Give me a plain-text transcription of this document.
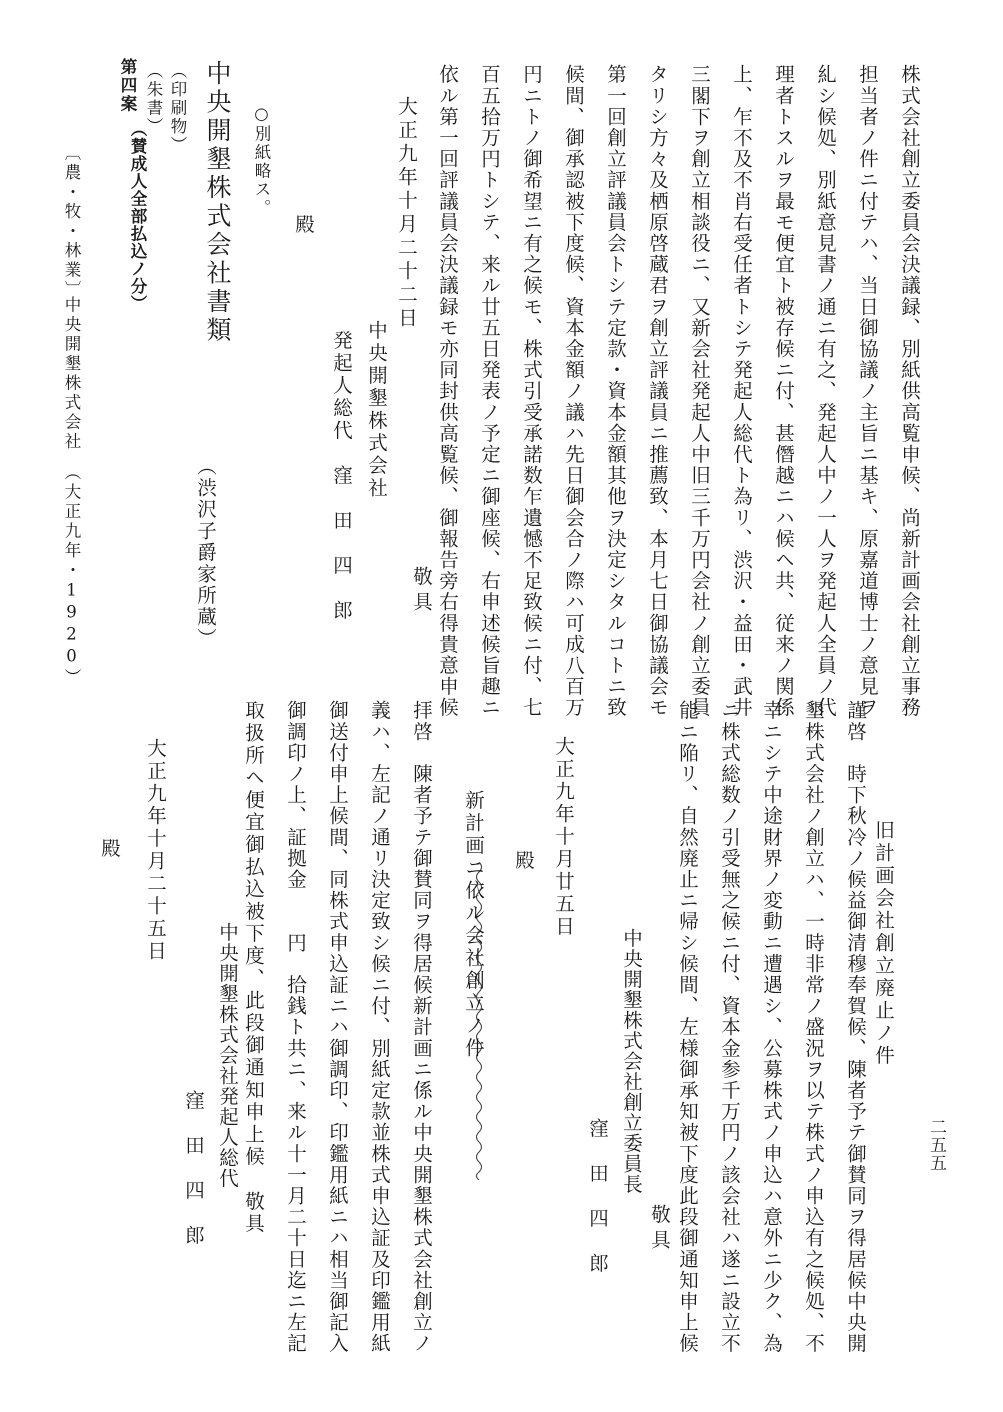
株式会社創立委員会決議録、別紙供高覧申候、尚新計画会社創立事務
担当者ノ件ニ付テハ、当日御協議ノ主旨ニ基キ、原嘉道博士ノ意見ヲ
糺シ候処、別紙意見書ノ通ニ有之、発起人中ノ一人ヲ発起人全員ノ代
理者トスルヲ最モ便宜ト被存候ニ付、甚僭越ニハ候ヘ共、従来ノ関係
上、乍不及不肖右受任者トシテ発起人総代ト為リ、渋沢・益田・武井
三閣下ヲ創立相談役ニ、又新会社発起人中旧三千万円会社ノ創立委員
タリシ方々及栖原啓蔵君ヲ創立評議員ニ推薦致、本月七日御協議会モ
第一回創立評議員会トシテ定款・資本金額其他ヲ決定シタルコトニ致
候間、御承認被下度候、資本金額ノ議ハ先日御会合ノ際ハ可成八百万
円ニトノ御希望ニ有之候モ、株式引受承諾数乍遺憾不足致候ニ付、七
百五拾万円トシテ、来ル廿五日発表ノ予定ニ御座候、右申述候旨趣ニ
依ル第一回評議員会決議録モ亦同封供高覧候、御報告旁右得貴意申候
敬具
大正九年十月二十二日
中央開墾株式会社
発起人総代　窪　田　四　郎
殿
○別紙略ス。
中央開墾株式会社書類
（渋沢子爵家所蔵）
（印刷物）
（朱書）
第四案
（賛成人全部払込ノ分）
〔農・牧・林業〕
中央開墾株式会社　（大正九年・1920）
旧計画会社創立廃止ノ件
謹啓　時下秋冷ノ候益御清穆奉賀候、陳者予テ御賛同ヲ得居候中央開
墾株式会社ノ創立ハ、一時非常ノ盛況ヲ以テ株式ノ申込有之候処、不
幸ニシテ中途財界ノ変動ニ遭遇シ、公募株式ノ申込ハ意外ニ少ク、為
ニ株式総数ノ引受無之候ニ付、資本金参千万円ノ該会社ハ遂ニ設立不
能ニ陥リ、自然廃止ニ帰シ候間、左様御承知被下度此段御通知申上候
敬具
大正九年十月廿五日
中央開墾株式会社創立委員長
窪　田　四　郎
殿
新計画ニ依ル会社創立ノ件
拝啓　陳者予テ御賛同ヲ得居候新計画ニ係ル中央開墾株式会社創立ノ
義ハ、左記ノ通リ決定致シ候ニ付、別紙定款並株式申込証及印鑑用紙
御送付申上候間、同株式申込証ニハ御調印、印鑑用紙ニハ相当御記入
御調印ノ上、証拠金　　円　拾銭ト共ニ、来ル十一月二十日迄ニ左記
取扱所ヘ便宜御払込被下度、此段御通知申上候　敬具
中央開墾株式会社発起人総代
窪　田　四　郎
大正九年十月二十五日
殿
二五五
